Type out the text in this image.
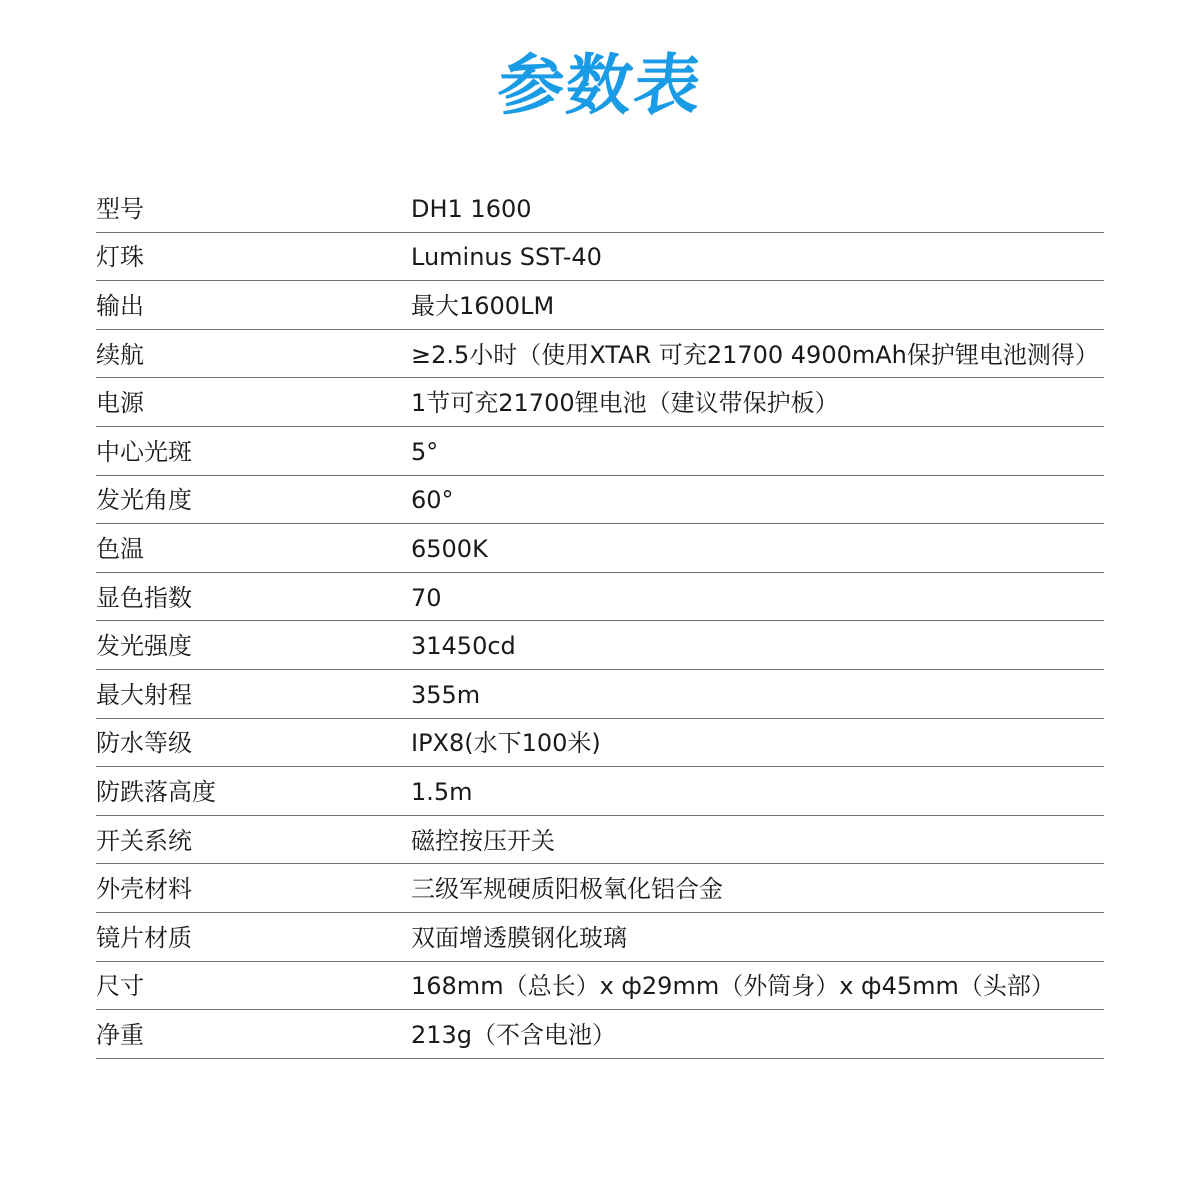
参数表
型号	DH1 1600
灯珠	Luminus SST-40
输出	最大1600LM
续航	≥2.5小时（使用XTAR 可充21700 4900mAh保护锂电池测得）
电源	1节可充21700锂电池（建议带保护板）
中心光斑	5°
发光角度	60°
色温	6500K
显色指数	70
发光强度	31450cd
最大射程	355m
防水等级	IPX8(水下100米)
防跌落高度	1.5m
开关系统	磁控按压开关
外壳材料	三级军规硬质阳极氧化铝合金
镜片材质	双面增透膜钢化玻璃
尺寸	168mm（总长）x ф29mm（外筒身）x ф45mm（头部）
净重	213g（不含电池）
